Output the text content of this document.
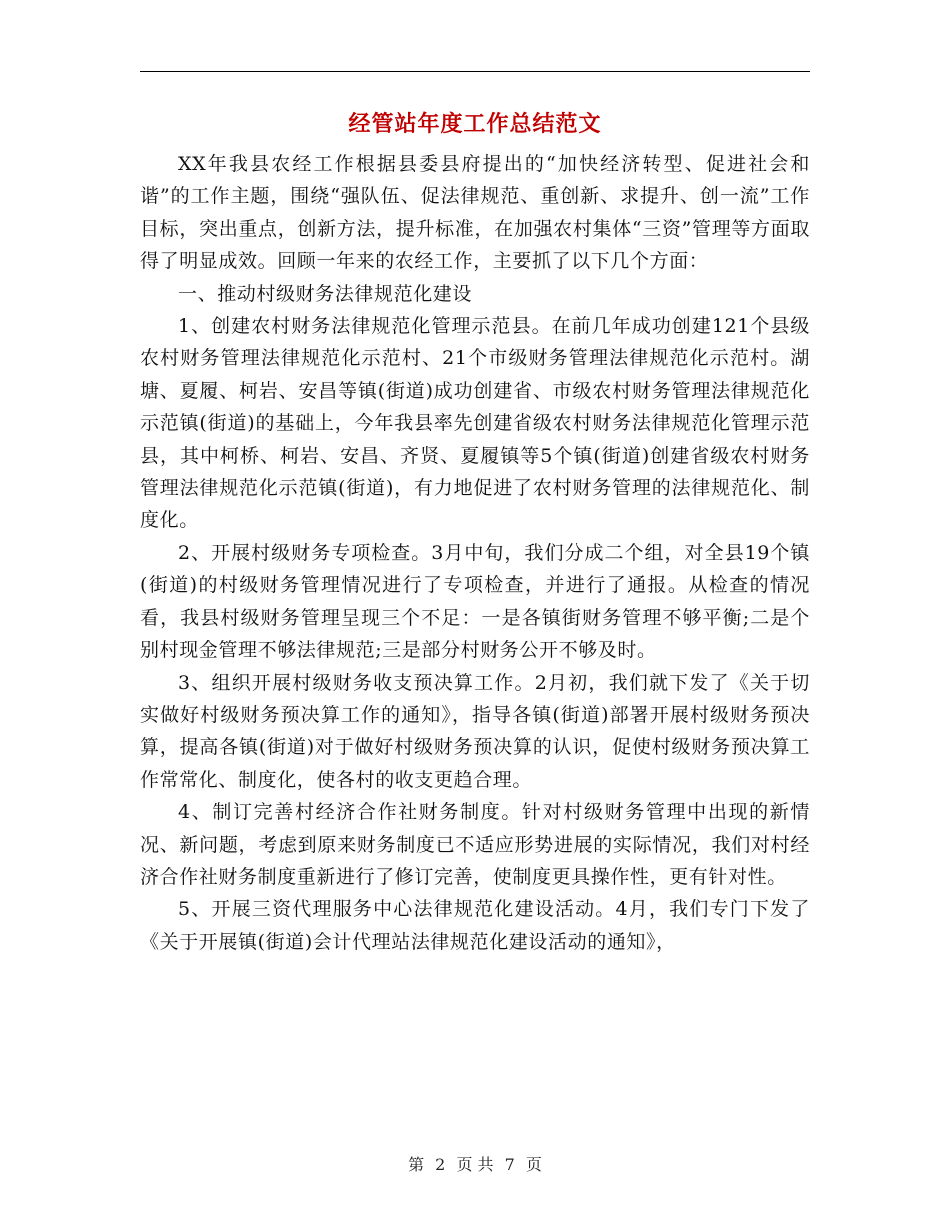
经管站年度工作总结范文

XX年我县农经工作根据县委县府提出的“加快经济转型、促进社会和谐”的工作主题，围绕“强队伍、促法律规范、重创新、求提升、创一流”工作目标，突出重点，创新方法，提升标准，在加强农村集体“三资”管理等方面取得了明显成效。回顾一年来的农经工作，主要抓了以下几个方面：

一、推动村级财务法律规范化建设

1、创建农村财务法律规范化管理示范县。在前几年成功创建121个县级农村财务管理法律规范化示范村、21个市级财务管理法律规范化示范村。湖塘、夏履、柯岩、安昌等镇(街道)成功创建省、市级农村财务管理法律规范化示范镇(街道)的基础上，今年我县率先创建省级农村财务法律规范化管理示范县，其中柯桥、柯岩、安昌、齐贤、夏履镇等5个镇(街道)创建省级农村财务管理法律规范化示范镇(街道)，有力地促进了农村财务管理的法律规范化、制度化。

2、开展村级财务专项检查。3月中旬，我们分成二个组，对全县19个镇(街道)的村级财务管理情况进行了专项检查，并进行了通报。从检查的情况看，我县村级财务管理呈现三个不足：一是各镇街财务管理不够平衡;二是个别村现金管理不够法律规范;三是部分村财务公开不够及时。

3、组织开展村级财务收支预决算工作。2月初，我们就下发了《关于切实做好村级财务预决算工作的通知》，指导各镇(街道)部署开展村级财务预决算，提高各镇(街道)对于做好村级财务预决算的认识，促使村级财务预决算工作常常化、制度化，使各村的收支更趋合理。

4、制订完善村经济合作社财务制度。针对村级财务管理中出现的新情况、新问题，考虑到原来财务制度已不适应形势进展的实际情况，我们对村经济合作社财务制度重新进行了修订完善，使制度更具操作性，更有针对性。

5、开展三资代理服务中心法律规范化建设活动。4月，我们专门下发了《关于开展镇(街道)会计代理站法律规范化建设活动的通知》，

第 2 页 共 7 页
